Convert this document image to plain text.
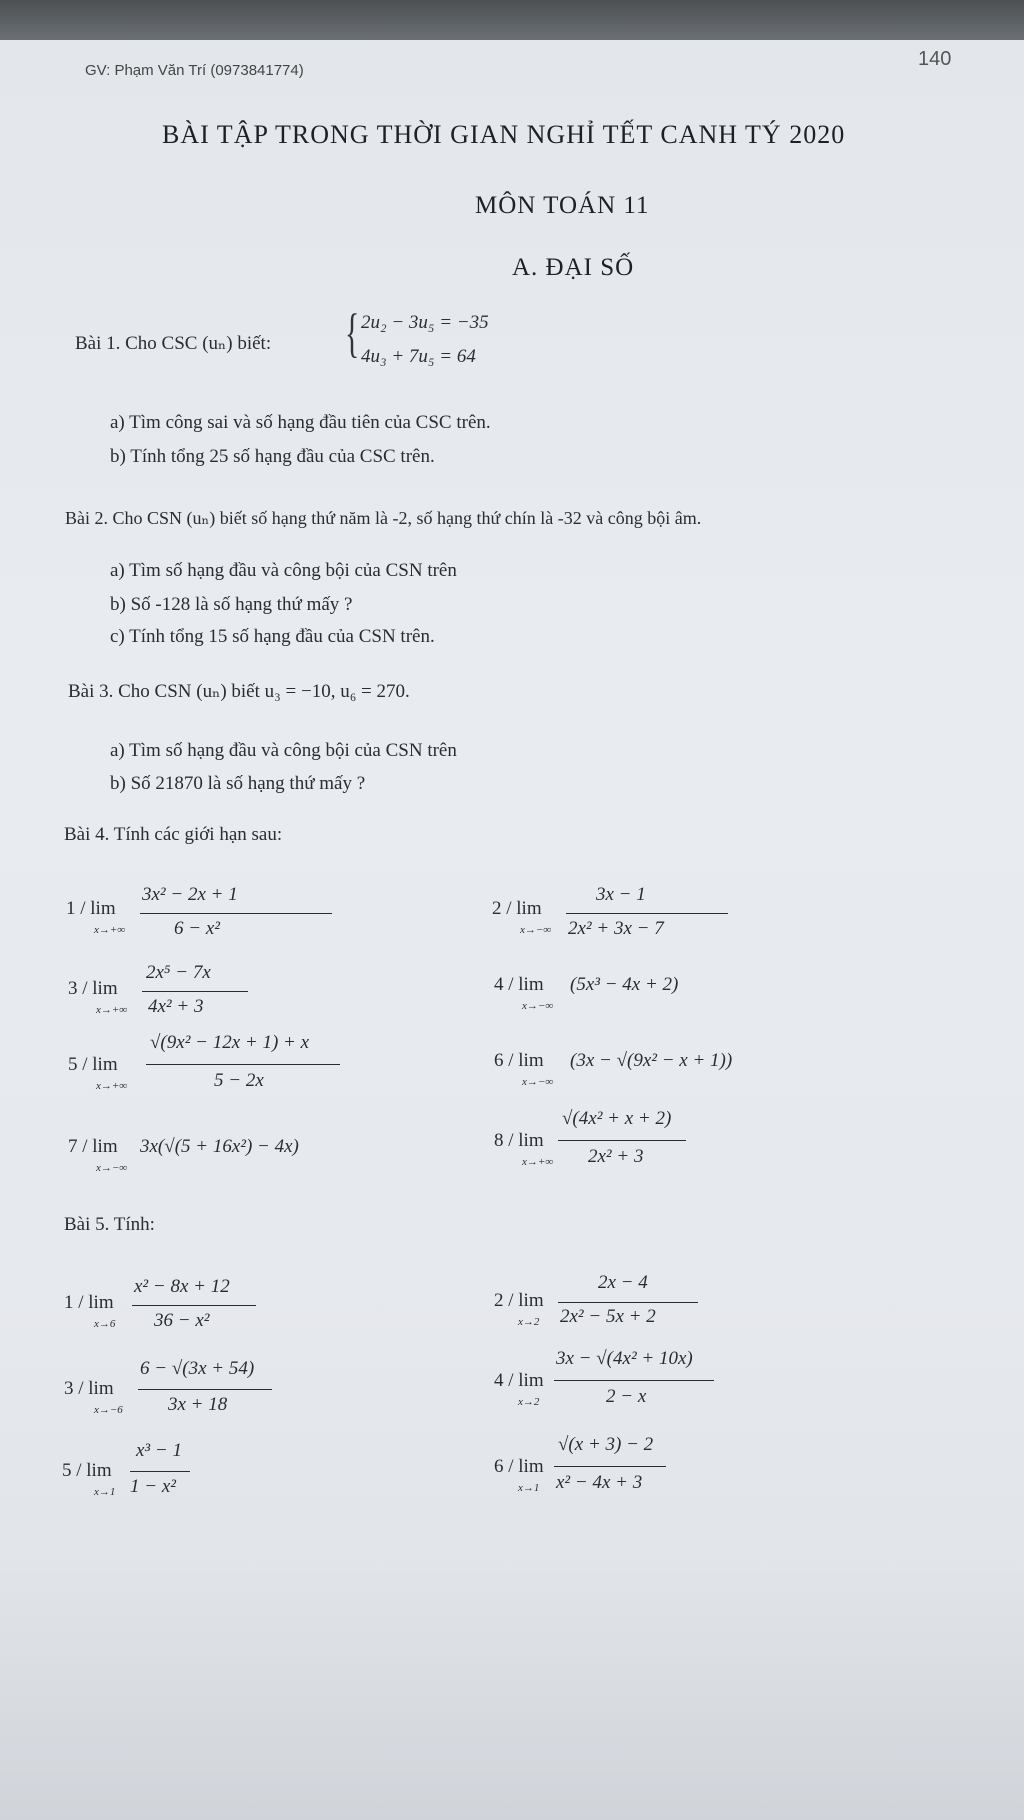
GV: Phạm Văn Trí (0973841774)
140
BÀI TẬP TRONG THỜI GIAN NGHỈ TẾT CANH TÝ 2020
MÔN TOÁN 11
A. ĐẠI SỐ
Bài 1. Cho CSC (uₙ) biết: { 2u₂ − 3u₅ = −35
4u₃ + 7u₅ = 64
a) Tìm công sai và số hạng đầu tiên của CSC trên.
b) Tính tổng 25 số hạng đầu của CSC trên.
Bài 2. Cho CSN (uₙ) biết số hạng thứ năm là -2, số hạng thứ chín là -32 và công bội âm.
a) Tìm số hạng đầu và công bội của CSN trên
b) Số -128 là số hạng thứ mấy ?
c) Tính tổng 15 số hạng đầu của CSN trên.
Bài 3. Cho CSN (uₙ) biết u₃ = −10, u₆ = 270.
a) Tìm số hạng đầu và công bội của CSN trên
b) Số 21870 là số hạng thứ mấy ?
Bài 4. Tính các giới hạn sau:
1 / lim
x→+∞
3x² − 2x + 1
6 − x²
2 / lim
x→−∞
3x − 1
2x² + 3x − 7
3 / lim
x→+∞
2x⁵ − 7x
4x² + 3
4 / lim
x→−∞
(5x³ − 4x + 2)
5 / lim
x→+∞
√(9x² − 12x + 1) + x
5 − 2x
6 / lim
x→−∞
(3x − √(9x² − x + 1))
7 / lim
x→−∞
3x(√(5 + 16x²) − 4x)	8 / lim
x→+∞
√(4x² + x + 2)
2x² + 3
Bài 5. Tính:
1 / lim
x→6
x² − 8x + 12
36 − x²
2 / lim
x→2
2x − 4
2x² − 5x + 2
3 / lim
x→−6
6 − √(3x + 54)
3x + 18
4 / lim
x→2
3x − √(4x² + 10x)
2 − x
5 / lim
x→1
x³ − 1
1 − x²
6 / lim
x→1
√(x + 3) − 2
x² − 4x + 3
